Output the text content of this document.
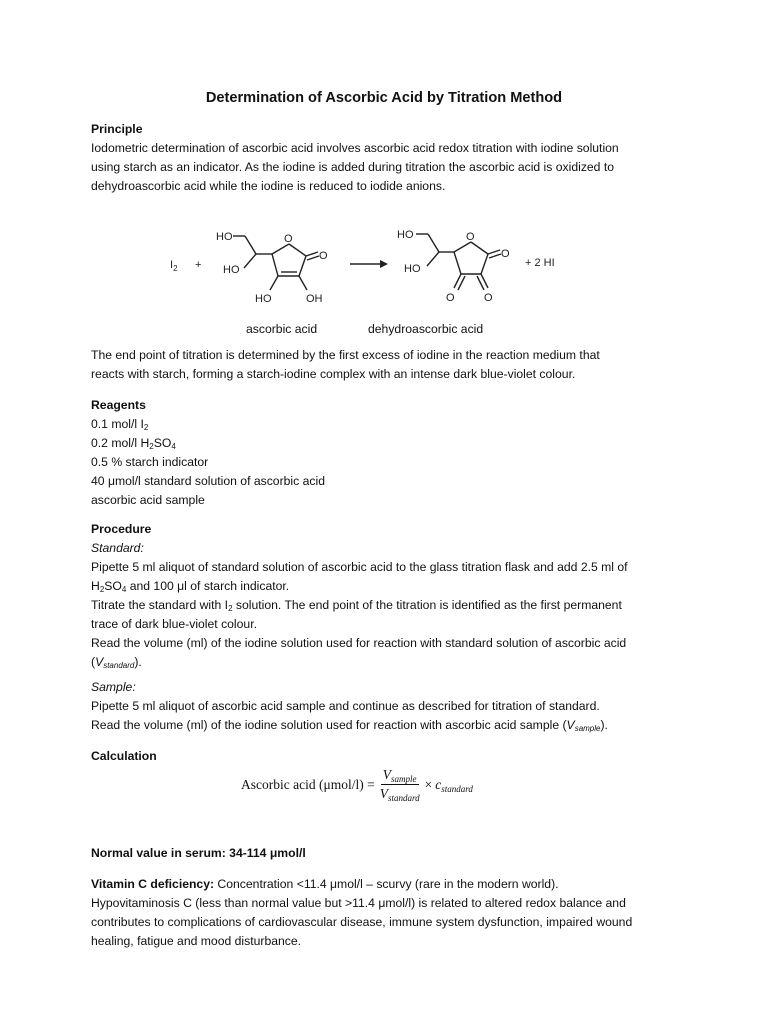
Determination of Ascorbic Acid by Titration Method
Principle
Iodometric determination of ascorbic acid involves ascorbic acid redox titration with iodine solution
using starch as an indicator. As the iodine is added during titration the ascorbic acid is oxidized to
dehydroascorbic acid while the iodine is reduced to iodide anions.
$I_2$ +
HO
HO
O
O
HO	OH
HO
HO
O
O
O	O
+ 2 HI
ascorbic acid	dehydroascorbic acid
The end point of titration is determined by the first excess of iodine in the reaction medium that
reacts with starch, forming a starch-iodine complex with an intense dark blue-violet colour.
Reagents
0.1 mol/l $I_2$
0.2 mol/l $H_2SO_4$
0.5 % starch indicator
40 μmol/l standard solution of ascorbic acid
ascorbic acid sample
Procedure
Standard:
Pipette 5 ml aliquot of standard solution of ascorbic acid to the glass titration flask and add 2.5 ml of
$H_2SO_4$ and 100 μl of starch indicator.
Titrate the standard with $I_2$ solution. The end point of the titration is identified as the first permanent
trace of dark blue-violet colour.
Read the volume (ml) of the iodine solution used for reaction with standard solution of ascorbic acid
$(V_{standard})$.
Sample:
Pipette 5 ml aliquot of ascorbic acid sample and continue as described for titration of standard.
Read the volume (ml) of the iodine solution used for reaction with ascorbic acid sample $(V_{sample})$.
Calculation
Ascorbic acid $(\mu mol/l) = \frac{V_{sample}}{V_{standard}} \times c_{standard}$
Normal value in serum: 34-114 μmol/l
Vitamin C deficiency: Concentration <11.4 μmol/l – scurvy (rare in the modern world).
Hypovitaminosis C (less than normal value but >11.4 μmol/l) is related to altered redox balance and
contributes to complications of cardiovascular disease, immune system dysfunction, impaired wound
healing, fatigue and mood disturbance.
